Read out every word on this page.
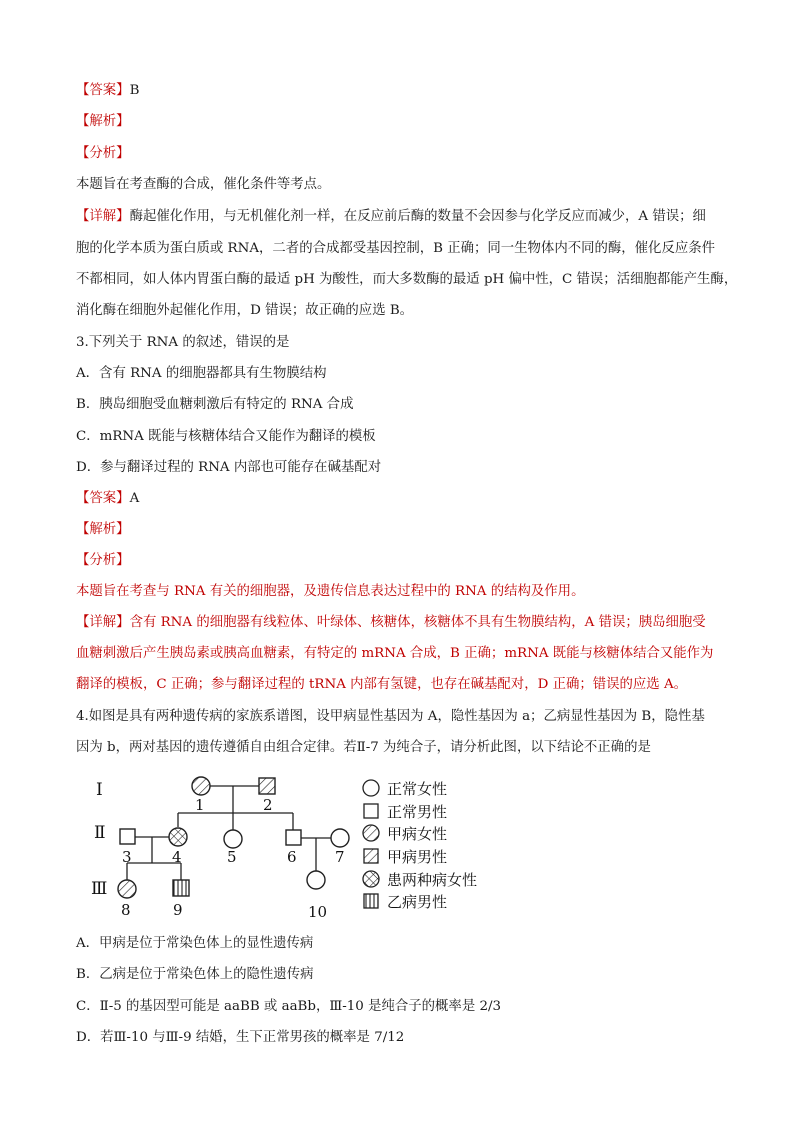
【答案】B
【解析】
【分析】
本题旨在考查酶的合成，催化条件等考点。
【详解】酶起催化作用，与无机催化剂一样，在反应前后酶的数量不会因参与化学反应而减少，A 错误；细
胞的化学本质为蛋白质或 RNA，二者的合成都受基因控制，B 正确；同一生物体内不同的酶，催化反应条件
不都相同，如人体内胃蛋白酶的最适 pH 为酸性，而大多数酶的最适 pH 偏中性，C 错误；活细胞都能产生酶，
消化酶在细胞外起催化作用，D 错误；故正确的应选 B。
3.下列关于 RNA 的叙述，错误的是
A．含有 RNA 的细胞器都具有生物膜结构
B．胰岛细胞受血糖刺激后有特定的 RNA 合成
C．mRNA 既能与核糖体结合又能作为翻译的模板
D．参与翻译过程的 RNA 内部也可能存在碱基配对
【答案】A
【解析】
【分析】
本题旨在考查与 RNA 有关的细胞器，及遗传信息表达过程中的 RNA 的结构及作用。
【详解】含有 RNA 的细胞器有线粒体、叶绿体、核糖体，核糖体不具有生物膜结构，A 错误；胰岛细胞受
血糖刺激后产生胰岛素或胰高血糖素，有特定的 mRNA 合成，B 正确；mRNA 既能与核糖体结合又能作为
翻译的模板，C 正确；参与翻译过程的 tRNA 内部有氢键，也存在碱基配对，D 正确；错误的应选 A。
4.如图是具有两种遗传病的家族系谱图，设甲病显性基因为 A，隐性基因为 a；乙病显性基因为 B，隐性基
因为 b，两对基因的遗传遵循自由组合定律。若Ⅱ-7 为纯合子，请分析此图，以下结论不正确的是
Ⅰ
Ⅱ
Ⅲ
1	2
3	4	5	6	7
8	9	10
正常女性
正常男性
甲病女性
甲病男性
患两种病女性
乙病男性
A．甲病是位于常染色体上的显性遗传病
B．乙病是位于常染色体上的隐性遗传病
C．Ⅱ-5 的基因型可能是 aaBB 或 aaBb，Ⅲ-10 是纯合子的概率是 2/3
D．若Ⅲ-10 与Ⅲ-9 结婚，生下正常男孩的概率是 7/12
